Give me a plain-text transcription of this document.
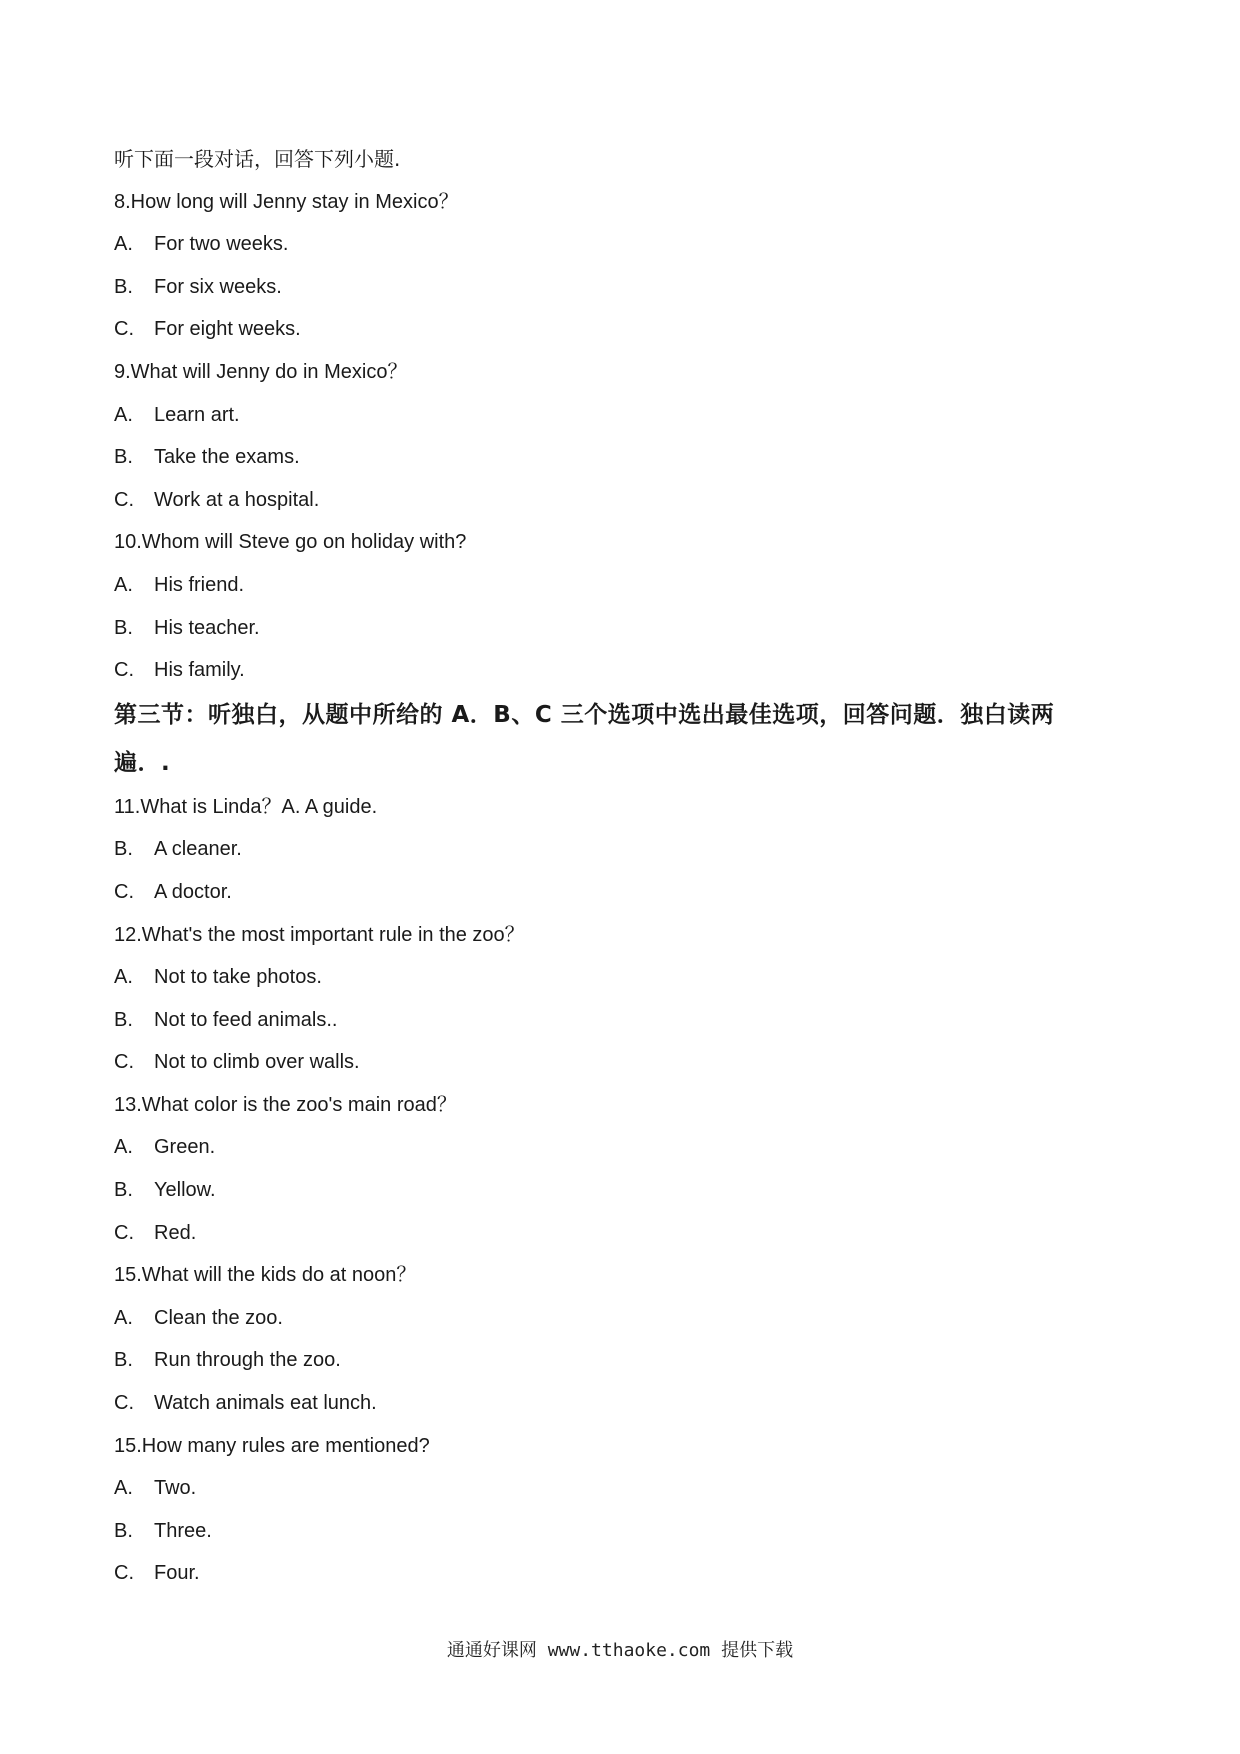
听下面一段对话，回答下列小题.
8.How long will Jenny stay in Mexico？
A. For two weeks.
B. For six weeks.
C. For eight weeks.
9.What will Jenny do in Mexico？
A. Learn art.
B. Take the exams.
C. Work at a hospital.
10.Whom will Steve go on holiday with?
A. His friend.
B. His teacher.
C. His family.
第三节：听独白，从题中所给的 A．B、C 三个选项中选出最佳选项，回答问题．独白读两
遍．.
11.What is Linda？A. A guide.
B. A cleaner.
C. A doctor.
12.What's the most important rule in the zoo？
A. Not to take photos.
B. Not to feed animals..
C. Not to climb over walls.
13.What color is the zoo's main road？
A. Green.
B. Yellow.
C. Red.
15.What will the kids do at noon？
A. Clean the zoo.
B. Run through the zoo.
C. Watch animals eat lunch.
15.How many rules are mentioned?
A. Two.
B. Three.
C. Four.
通通好课网 www.tthaoke.com 提供下载
